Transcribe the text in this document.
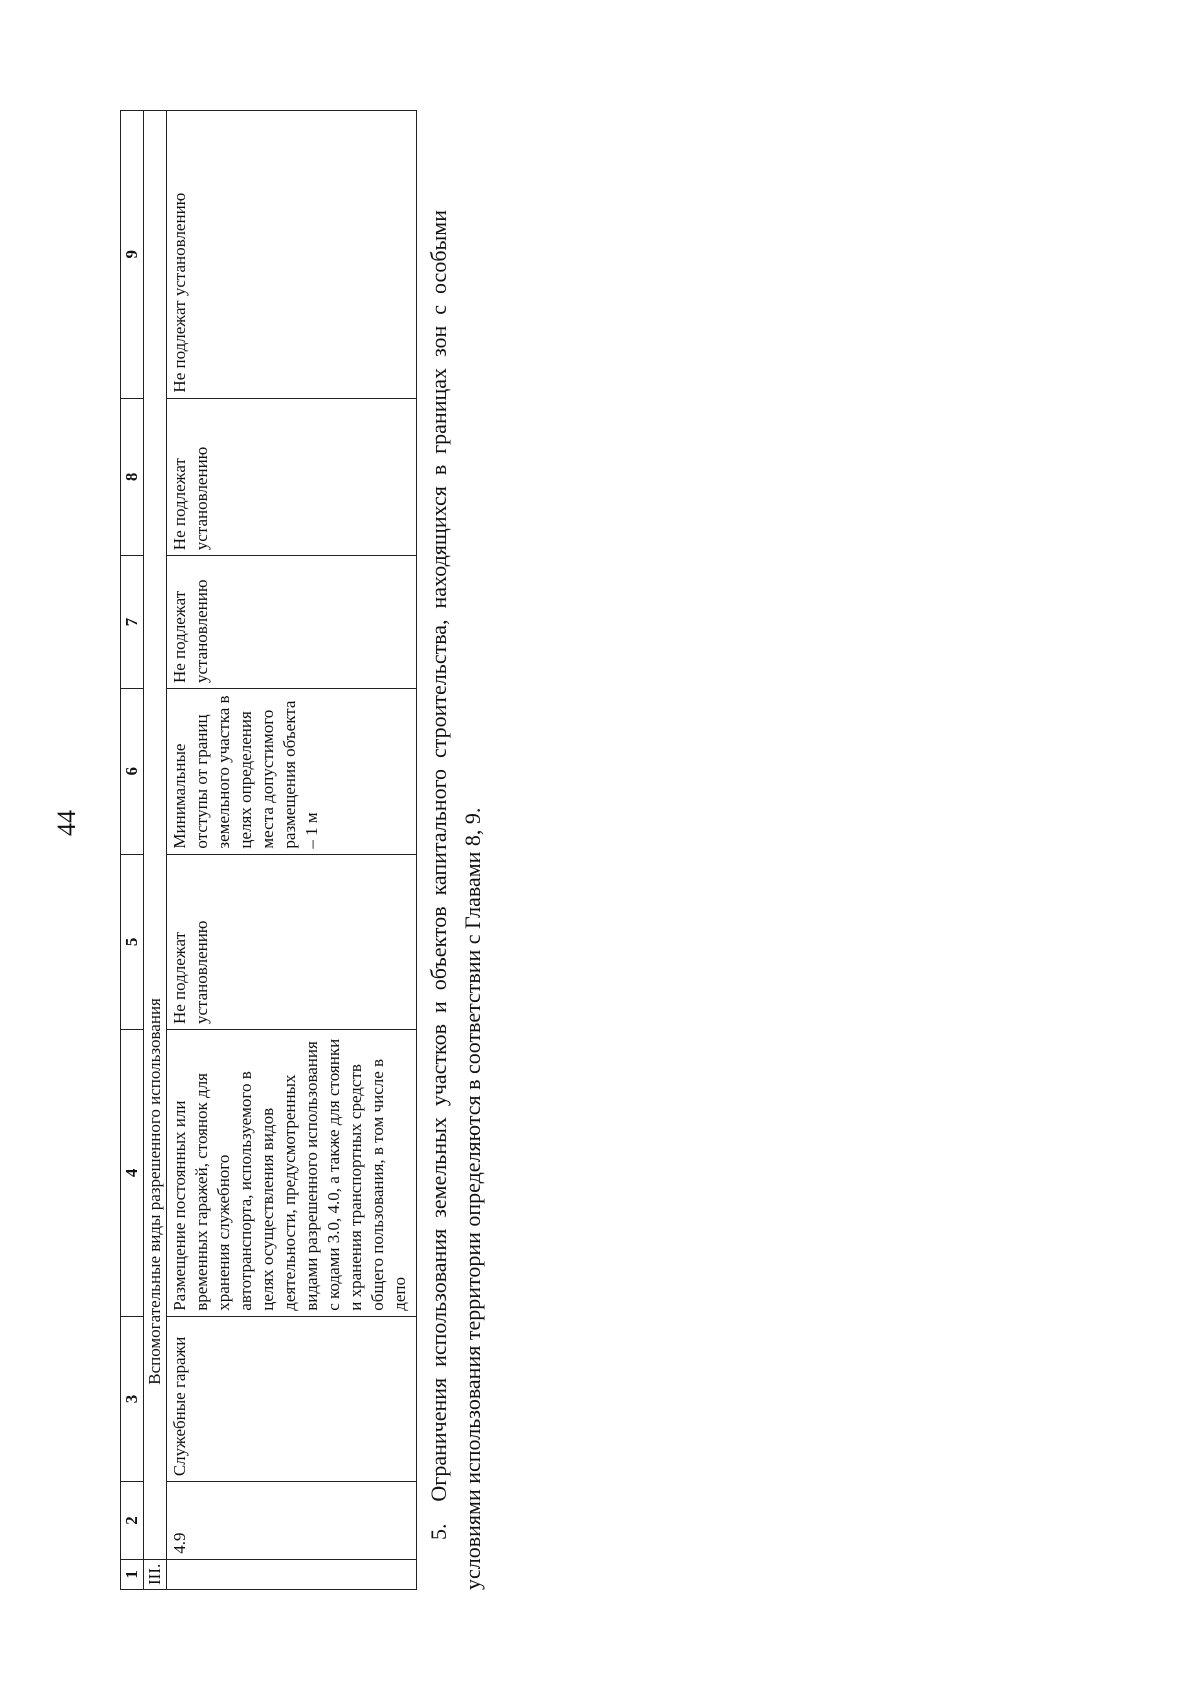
44
1	2	3	4	5	6	7	8	9
III.	Вспомогательные виды разрешенного использования							
	4.9	Служебные гаражи	Размещение постоянных или временных гаражей, стоянок для хранения служебного автотранспорта, используемого в целях осуществления видов деятельности, предусмотренных видами разрешенного использования с кодами 3.0, 4.0, а также для стоянки и хранения транспортных средств общего пользования, в том числе в депо	Не подлежат установлению	Минимальные отступы от границ земельного участка в целях определения места допустимого размещения объекта – 1 м	Не подлежат установлению	Не подлежат установлению	Не подлежат установлению
5.  Ограничения использования земельных участков и объектов капитального строительства, находящихся в границах зон с особыми условиями использования территории определяются в соответствии с Главами 8, 9.
